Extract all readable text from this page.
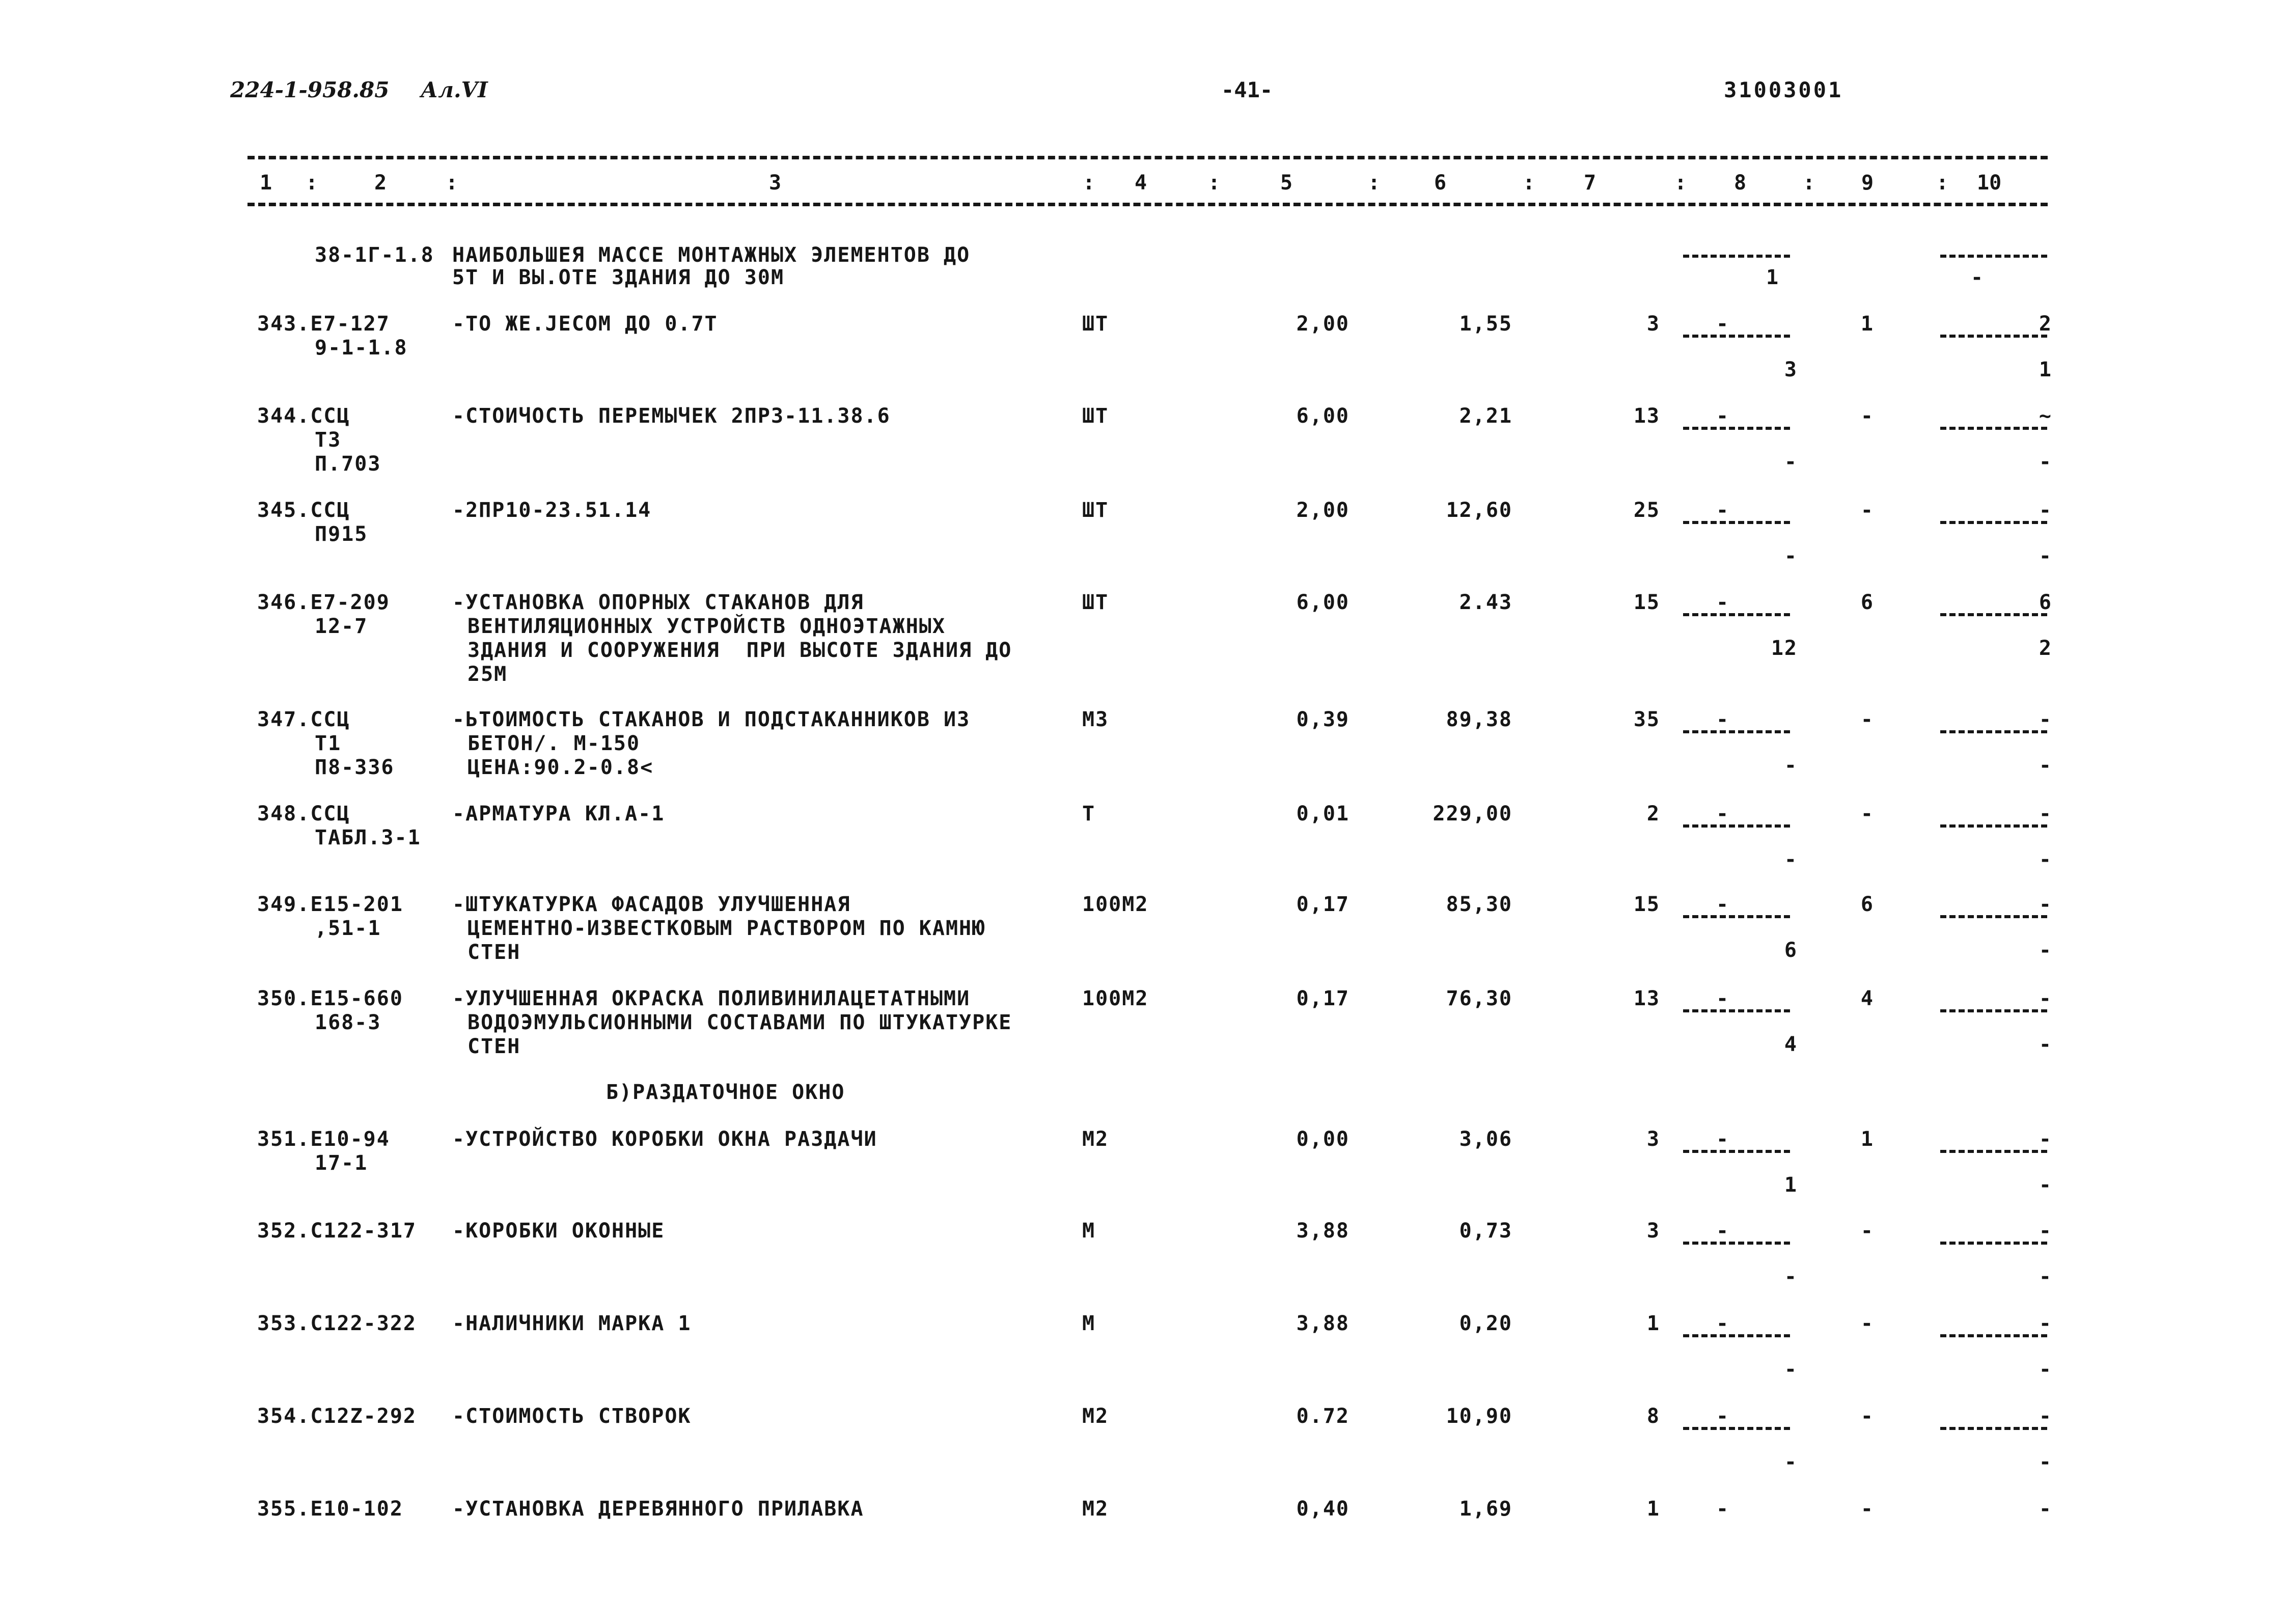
224-1-958.85 Ал.VI	-41-	31003001
1 :	2	:	3	: 4	:	5	:	6	: 7	: 8	: 9	: 10
38-1Г-1.8 НАИБОЛЬШЕЯ МАССЕ МОНТАЖНЫХ ЭЛЕМЕНТОВ ДО
5Т И ВЫ.ОТЕ ЗДАНИЯ ДО 30М	1	-
343.Е7-127
9-1-1.8
-ТО ЖЕ.ЈЕСОМ ДО 0.7Т	ШТ	2,00	1,55	3	-	1	2
3	1
344.ССЦ
Т3
П.703
-СТОИЧОСТЬ ПЕРЕМЫЧЕК 2ПР3-11.38.6	ШТ	6,00	2,21	13	-	-	~
-	-
345.ССЦ
П915
-2ПР10-23.51.14	ШТ	2,00	12,60	25	-	-	-
-	-
346.Е7-209
12-7
-УСТАНОВКА ОПОРНЫХ СТАКАНОВ ДЛЯ
ВЕНТИЛЯЦИОННЫХ УСТРОЙСТВ ОДНОЭТАЖНЫХ
ЗДАНИЯ И СООРУЖЕНИЯ  ПРИ ВЫСОТЕ ЗДАНИЯ ДО
25М
ШТ	6,00	2.43	15	-	6	6
12	2
347.ССЦ
Т1
П8-336
-ЬТОИМОСТЬ СТАКАНОВ И ПОДСТАКАННИКОВ ИЗ
БЕТОН/. М-150
ЦЕНА:90.2-0.8<
М3	0,39	89,38	35	-	-	-
-	-
348.ССЦ
ТАБЛ.3-1
-АРМАТУРА КЛ.А-1	Т	0,01	229,00	2	-	-	-
-	-
349.Е15-201
,51-1
-ШТУКАТУРКА ФАСАДОВ УЛУЧШЕННАЯ
ЦЕМЕНТНО-ИЗВЕСТКОВЫМ РАСТВОРОМ ПО КАМНЮ
СТЕН
100М2	0,17	85,30	15	-	6	-
6	-
350.Е15-660
168-3
-УЛУЧШЕННАЯ ОКРАСКА ПОЛИВИНИЛАЦЕТАТНЫМИ
ВОДОЭМУЛЬСИОННЫМИ СОСТАВАМИ ПО ШТУКАТУРКЕ
СТЕН
100М2	0,17	76,30	13	-	4	-
4	-
351.Е10-94
17-1
-УСТРОЙСТВО КОРОБКИ ОКНА РАЗДАЧИ	М2	0,00	3,06	3	-	1	-
1	-
352.С122-317 -КОРОБКИ ОКОННЫЕ	М	3,88	0,73	3	-	-	-
-	-
353.С122-322 -НАЛИЧНИКИ МАРКА 1	М	3,88	0,20	1	-	-	-
-	-
354.С12Z-292 -СТОИМОСТЬ СТВОРОК	М2	0.72	10,90	8	-	-	-
-	-
355.Е10-102 -УСТАНОВКА ДЕРЕВЯННОГО ПРИЛАВКА	М2	0,40	1,69	1	-	-	-
Б)РАЗДАТОЧНОЕ ОКНО
